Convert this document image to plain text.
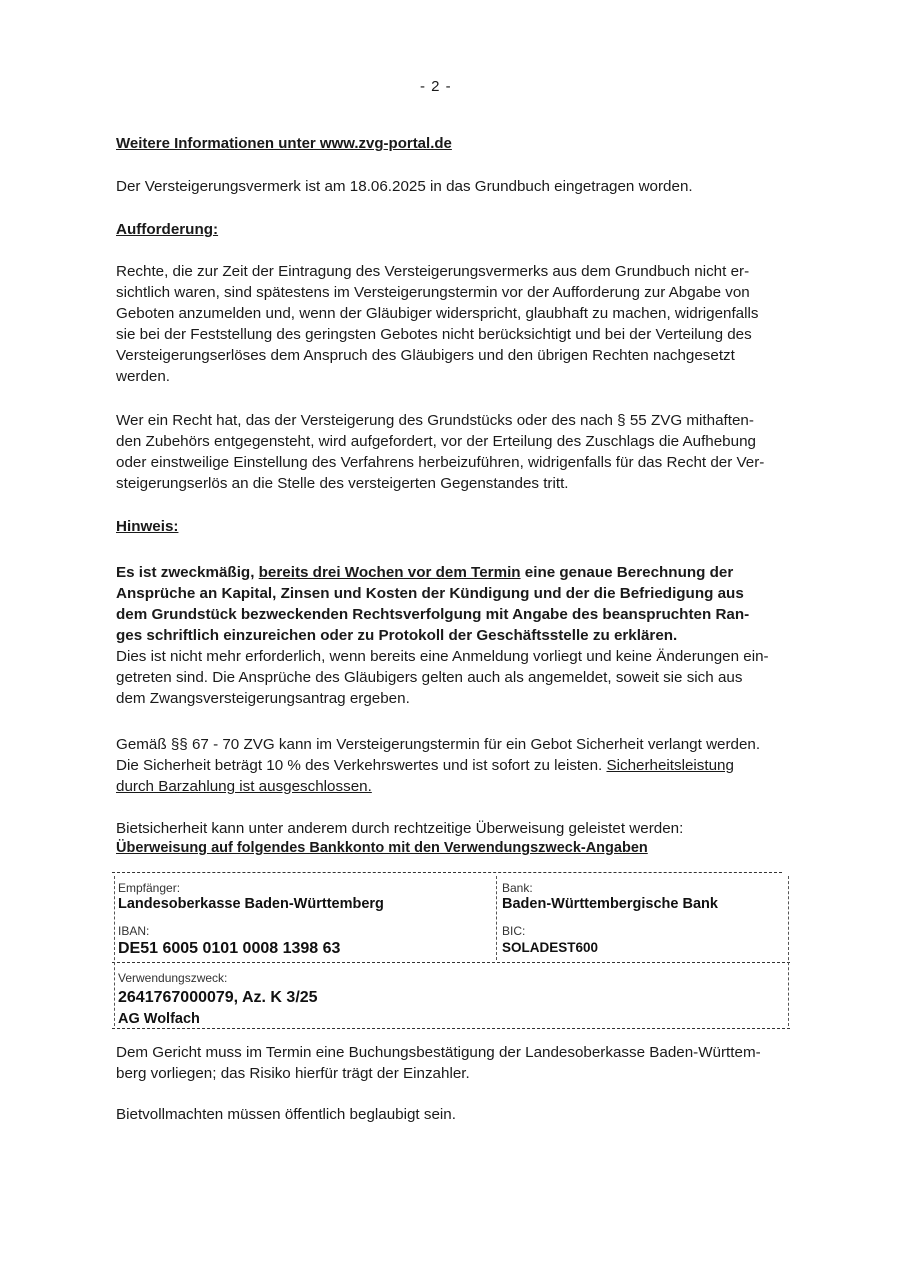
- 2 -
Weitere Informationen unter www.zvg-portal.de
Der Versteigerungsvermerk ist am 18.06.2025 in das Grundbuch eingetragen worden.
Aufforderung:
Rechte, die zur Zeit der Eintragung des Versteigerungsvermerks aus dem Grundbuch nicht er-
sichtlich waren, sind spätestens im Versteigerungstermin vor der Aufforderung zur Abgabe von
Geboten anzumelden und, wenn der Gläubiger widerspricht, glaubhaft zu machen, widrigenfalls
sie bei der Feststellung des geringsten Gebotes nicht berücksichtigt und bei der Verteilung des
Versteigerungserlöses dem Anspruch des Gläubigers und den übrigen Rechten nachgesetzt
werden.
Wer ein Recht hat, das der Versteigerung des Grundstücks oder des nach § 55 ZVG mithaften-
den Zubehörs entgegensteht, wird aufgefordert, vor der Erteilung des Zuschlags die Aufhebung
oder einstweilige Einstellung des Verfahrens herbeizuführen, widrigenfalls für das Recht der Ver-
steigerungserlös an die Stelle des versteigerten Gegenstandes tritt.
Hinweis:
Es ist zweckmäßig, bereits drei Wochen vor dem Termin eine genaue Berechnung der
Ansprüche an Kapital, Zinsen und Kosten der Kündigung und der die Befriedigung aus
dem Grundstück bezweckenden Rechtsverfolgung mit Angabe des beanspruchten Ran-
ges schriftlich einzureichen oder zu Protokoll der Geschäftsstelle zu erklären.
Dies ist nicht mehr erforderlich, wenn bereits eine Anmeldung vorliegt und keine Änderungen ein-
getreten sind. Die Ansprüche des Gläubigers gelten auch als angemeldet, soweit sie sich aus
dem Zwangsversteigerungsantrag ergeben.
Gemäß §§ 67 - 70 ZVG kann im Versteigerungstermin für ein Gebot Sicherheit verlangt werden.
Die Sicherheit beträgt 10 % des Verkehrswertes und ist sofort zu leisten. Sicherheitsleistung
durch Barzahlung ist ausgeschlossen.
Bietsicherheit kann unter anderem durch rechtzeitige Überweisung geleistet werden:
Überweisung auf folgendes Bankkonto mit den Verwendungszweck-Angaben
Empfänger:
Landesoberkasse Baden-Württemberg
Bank:
Baden-Württembergische Bank
IBAN:
DE51 6005 0101 0008 1398 63
BIC:
SOLADEST600
Verwendungszweck:
2641767000079, Az. K 3/25
AG Wolfach
Dem Gericht muss im Termin eine Buchungsbestätigung der Landesoberkasse Baden-Württem-
berg vorliegen; das Risiko hierfür trägt der Einzahler.
Bietvollmachten müssen öffentlich beglaubigt sein.
